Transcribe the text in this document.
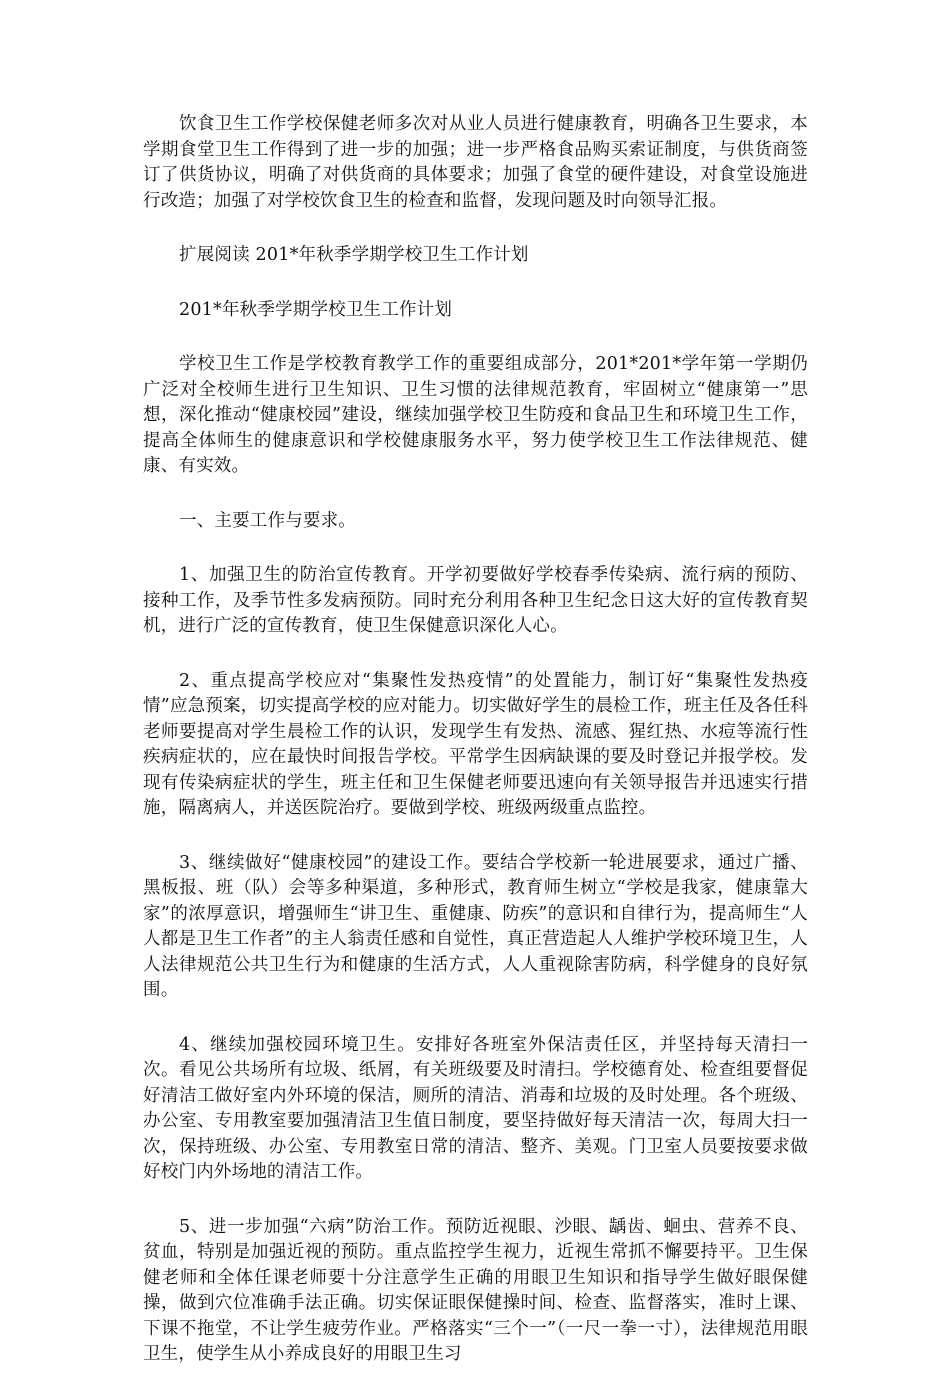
饮食卫生工作学校保健老师多次对从业人员进行健康教育，明确各卫生要求，本学期食堂卫生工作得到了进一步的加强；进一步严格食品购买索证制度，与供货商签订了供货协议，明确了对供货商的具体要求；加强了食堂的硬件建设，对食堂设施进行改造；加强了对学校饮食卫生的检查和监督，发现问题及时向领导汇报。

扩展阅读 201*年秋季学期学校卫生工作计划

201*年秋季学期学校卫生工作计划

学校卫生工作是学校教育教学工作的重要组成部分，201*201*学年第一学期仍广泛对全校师生进行卫生知识、卫生习惯的法律规范教育，牢固树立“健康第一”思想，深化推动“健康校园”建设，继续加强学校卫生防疫和食品卫生和环境卫生工作，提高全体师生的健康意识和学校健康服务水平，努力使学校卫生工作法律规范、健康、有实效。

一、主要工作与要求。

1、加强卫生的防治宣传教育。开学初要做好学校春季传染病、流行病的预防、接种工作，及季节性多发病预防。同时充分利用各种卫生纪念日这大好的宣传教育契机，进行广泛的宣传教育，使卫生保健意识深化人心。

2、重点提高学校应对“集聚性发热疫情”的处置能力，制订好“集聚性发热疫情”应急预案，切实提高学校的应对能力。切实做好学生的晨检工作，班主任及各任科老师要提高对学生晨检工作的认识，发现学生有发热、流感、猩红热、水痘等流行性疾病症状的，应在最快时间报告学校。平常学生因病缺课的要及时登记并报学校。发现有传染病症状的学生，班主任和卫生保健老师要迅速向有关领导报告并迅速实行措施，隔离病人，并送医院治疗。要做到学校、班级两级重点监控。

3、继续做好“健康校园”的建设工作。要结合学校新一轮进展要求，通过广播、黑板报、班（队）会等多种渠道，多种形式，教育师生树立“学校是我家，健康靠大家”的浓厚意识，增强师生“讲卫生、重健康、防疾”的意识和自律行为，提高师生“人人都是卫生工作者”的主人翁责任感和自觉性，真正营造起人人维护学校环境卫生，人人法律规范公共卫生行为和健康的生活方式，人人重视除害防病，科学健身的良好氛围。

4、继续加强校园环境卫生。安排好各班室外保洁责任区，并坚持每天清扫一次。看见公共场所有垃圾、纸屑，有关班级要及时清扫。学校德育处、检查组要督促好清洁工做好室内外环境的保洁，厕所的清洁、消毒和垃圾的及时处理。各个班级、办公室、专用教室要加强清洁卫生值日制度，要坚持做好每天清洁一次，每周大扫一次，保持班级、办公室、专用教室日常的清洁、整齐、美观。门卫室人员要按要求做好校门内外场地的清洁工作。

5、进一步加强“六病”防治工作。预防近视眼、沙眼、龋齿、蛔虫、营养不良、贫血，特别是加强近视的预防。重点监控学生视力，近视生常抓不懈要持平。卫生保健老师和全体任课老师要十分注意学生正确的用眼卫生知识和指导学生做好眼保健操，做到穴位准确手法正确。切实保证眼保健操时间、检查、监督落实，准时上课、下课不拖堂，不让学生疲劳作业。严格落实“三个一”（一尺一拳一寸），法律规范用眼卫生，使学生从小养成良好的用眼卫生习
